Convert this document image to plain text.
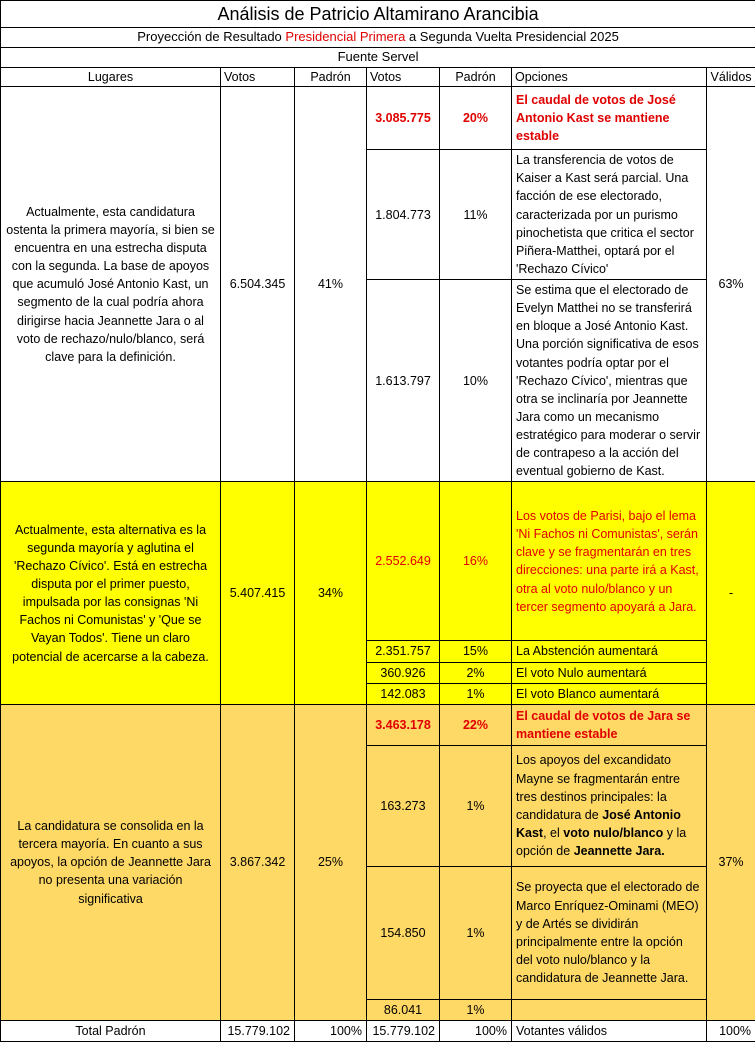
Análisis de Patricio Altamirano Arancibia						
Proyección de Resultado Presidencial Primera a Segunda Vuelta Presidencial 2025						
Fuente Servel						
Lugares	Votos	Padrón	Votos	Padrón	Opciones	Válidos
Actualmente, esta candidatura ostenta la primera mayoría, si bien se encuentra en una estrecha disputa con la segunda. La base de apoyos que acumuló José Antonio Kast, un segmento de la cual podría ahora dirigirse hacia Jeannette Jara o al voto de rechazo/nulo/blanco, será clave para la definición.	6.504.345	41%	3.085.775	20%	El caudal de votos de José Antonio Kast se mantiene estable	63%
			1.804.773	11%	La transferencia de votos de Kaiser a Kast será parcial. Una facción de ese electorado, caracterizada por un purismo pinochetista que critica el sector Piñera-Matthei, optará por el 'Rechazo Cívico'	
			1.613.797	10%	Se estima que el electorado de Evelyn Matthei no se transferirá en bloque a José Antonio Kast. Una porción significativa de esos votantes podría optar por el 'Rechazo Cívico', mientras que otra se inclinaría por Jeannette Jara como un mecanismo estratégico para moderar o servir de contrapeso a la acción del eventual gobierno de Kast.	
Actualmente, esta alternativa es la segunda mayoría y aglutina el 'Rechazo Cívico'. Está en estrecha disputa por el primer puesto, impulsada por las consignas 'Ni Fachos ni Comunistas' y 'Que se Vayan Todos'. Tiene un claro potencial de acercarse a la cabeza.	5.407.415	34%	2.552.649	16%	Los votos de Parisi, bajo el lema 'Ni Fachos ni Comunistas', serán clave y se fragmentarán en tres direcciones: una parte irá a Kast, otra al voto nulo/blanco y un tercer segmento apoyará a Jara.	-
			2.351.757	15%	La Abstención aumentará	
			360.926	2%	El voto Nulo aumentará	
			142.083	1%	El voto Blanco aumentará	
La candidatura se consolida en la tercera mayoría. En cuanto a sus apoyos, la opción de Jeannette Jara no presenta una variación significativa	3.867.342	25%	3.463.178	22%	El caudal de votos de Jara se mantiene estable	37%
			163.273	1%	Los apoyos del excandidato Mayne se fragmentarán entre tres destinos principales: la candidatura de José Antonio Kast, el voto nulo/blanco y la opción de Jeannette Jara.	
			154.850	1%	Se proyecta que el electorado de Marco Enríquez-Ominami (MEO) y de Artés se dividirán principalmente entre la opción del voto nulo/blanco y la candidatura de Jeannette Jara.	
			86.041	1%		
Total Padrón	15.779.102	100%	15.779.102	100%	Votantes válidos	100%
